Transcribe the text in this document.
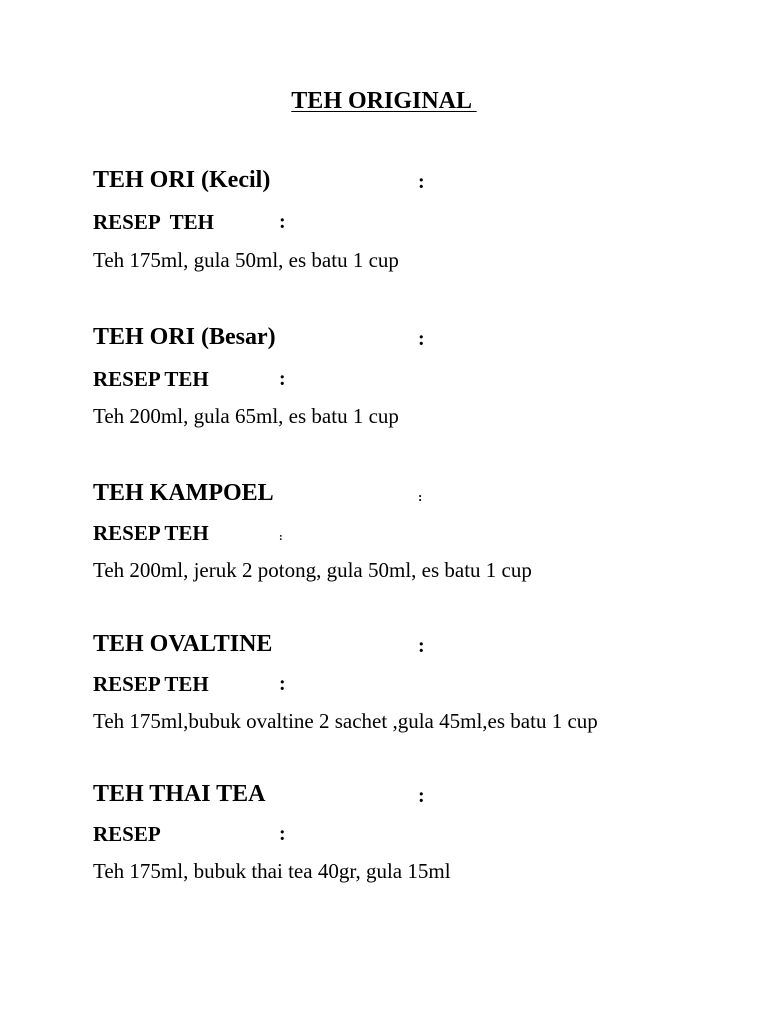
TEH ORIGINAL
TEH ORI (Kecil)	:
RESEP  TEH	:
Teh 175ml, gula 50ml, es batu 1 cup
TEH ORI (Besar)	:
RESEP TEH	:
Teh 200ml, gula 65ml, es batu 1 cup
TEH KAMPOEL	:
RESEP TEH	:
Teh 200ml, jeruk 2 potong, gula 50ml, es batu 1 cup
TEH OVALTINE	:
RESEP TEH	:
Teh 175ml,bubuk ovaltine 2 sachet ,gula 45ml,es batu 1 cup
TEH THAI TEA	:
RESEP	:
Teh 175ml, bubuk thai tea 40gr, gula 15ml
